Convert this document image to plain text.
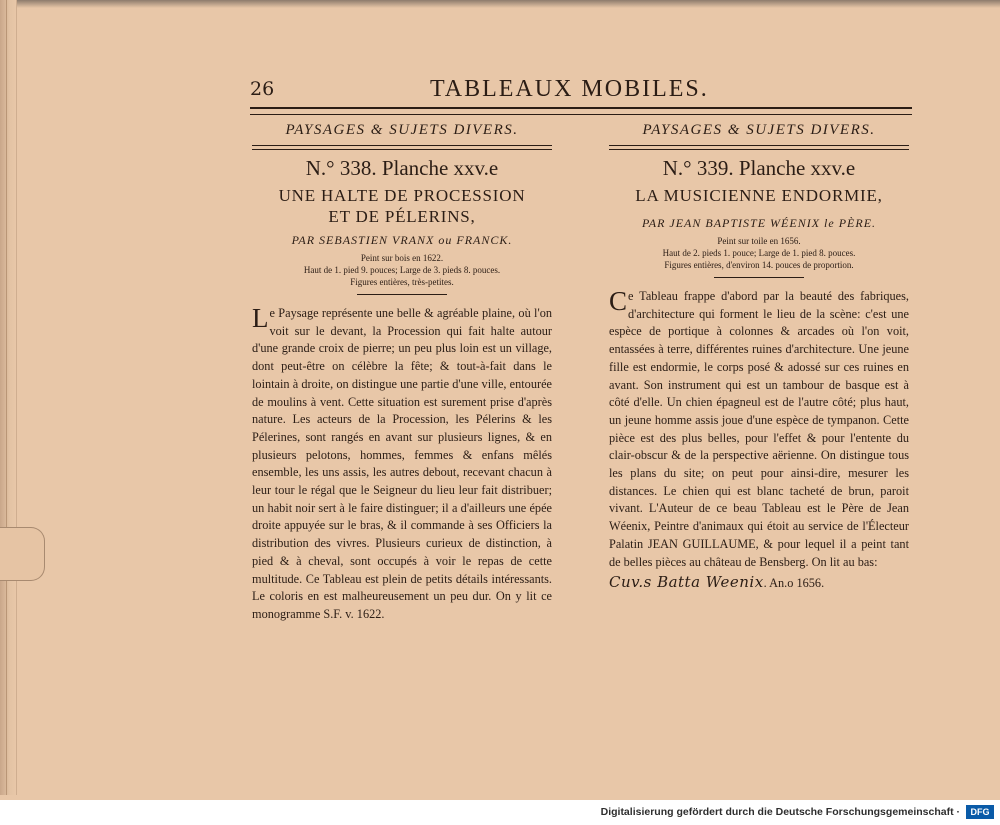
26	TABLEAUX MOBILES.
PAYSAGES & SUJETS DIVERS.
N.° 338. Planche xxv.e
UNE HALTE DE PROCESSION
ET DE PÉLERINS,
PAR SEBASTIEN VRANX ou FRANCK.
Peint sur bois en 1622.
Haut de 1. pied 9. pouces; Large de 3. pieds 8. pouces.
Figures entières, très-petites.
Le Paysage représente une belle & agréable plaine, où l'on voit sur le devant, la Procession qui fait halte autour d'une grande croix de pierre; un peu plus loin est un village, dont peut-être on célèbre la fête; & tout-à-fait dans le lointain à droite, on distingue une partie d'une ville, entourée de moulins à vent. Cette situation est surement prise d'après nature. Les acteurs de la Procession, les Pélerins & les Pélerines, sont rangés en avant sur plusieurs lignes, & en plusieurs pelotons, hommes, femmes & enfans mêlés ensemble, les uns assis, les autres debout, recevant chacun à leur tour le régal que le Seigneur du lieu leur fait distribuer; un habit noir sert à le faire distinguer; il a d'ailleurs une épée droite appuyée sur le bras, & il commande à ses Officiers la distribution des vivres. Plusieurs curieux de distinction, à pied & à cheval, sont occupés à voir le repas de cette multitude. Ce Tableau est plein de petits détails intéressants. Le coloris en est malheureusement un peu dur. On y lit ce monogramme S.F. v. 1622.
PAYSAGES & SUJETS DIVERS.
N.° 339. Planche xxv.e
LA MUSICIENNE ENDORMIE,
PAR JEAN BAPTISTE WÉENIX le PÈRE.
Peint sur toile en 1656.
Haut de 2. pieds 1. pouce; Large de 1. pied 8. pouces.
Figures entières, d'environ 14. pouces de proportion.
Ce Tableau frappe d'abord par la beauté des fabriques, d'architecture qui forment le lieu de la scène: c'est une espèce de portique à colonnes & arcades où l'on voit, entassées à terre, différentes ruines d'architecture. Une jeune fille est endormie, le corps posé & adossé sur ces ruines en avant. Son instrument qui est un tambour de basque est à côté d'elle. Un chien épagneul est de l'autre côté; plus haut, un jeune homme assis joue d'une espèce de tympanon. Cette pièce est des plus belles, pour l'effet & pour l'entente du clair-obscur & de la perspective aërienne. On distingue tous les plans du site; on peut pour ainsi-dire, mesurer les distances. Le chien qui est blanc tacheté de brun, paroit vivant. L'Auteur de ce beau Tableau est le Père de Jean Wéenix, Peintre d'animaux qui étoit au service de l'Électeur Palatin JEAN GUILLAUME, & pour lequel il a peint tant de belles pièces au château de Bensberg. On lit au bas:
Cuv.s Batta Weenix. An.o 1656.
Digitalisierung gefördert durch die Deutsche Forschungsgemeinschaft ·	DFG
